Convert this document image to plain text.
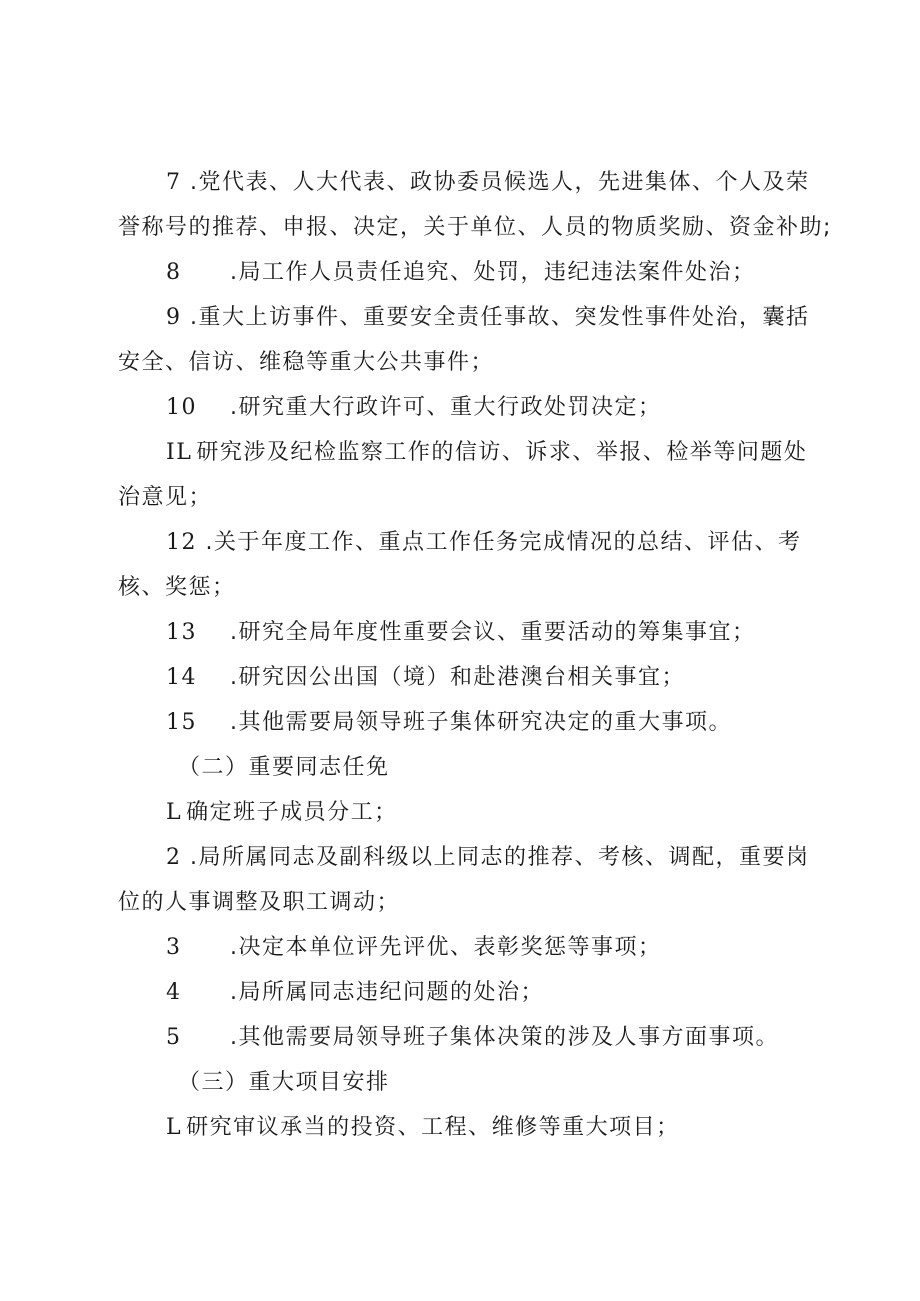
7 .党代表、人大代表、政协委员候选人，先进集体、个人及荣

誉称号的推荐、申报、决定，关于单位、人员的物质奖励、资金补助;

8 .局工作人员责任追究、处罚，违纪违法案件处治；

9 .重大上访事件、重要安全责任事故、突发性事件处治，囊括

安全、信访、维稳等重大公共事件；

10 .研究重大行政许可、重大行政处罚决定；

IL 研究涉及纪检监察工作的信访、诉求、举报、检举等问题处

治意见；

12 .关于年度工作、重点工作任务完成情况的总结、评估、考

核、奖惩；

13 .研究全局年度性重要会议、重要活动的筹集事宜；

14 .研究因公出国（境）和赴港澳台相关事宜；

15 .其他需要局领导班子集体研究决定的重大事项。

（二）重要同志任免

L 确定班子成员分工；

2 .局所属同志及副科级以上同志的推荐、考核、调配，重要岗

位的人事调整及职工调动；

3 .决定本单位评先评优、表彰奖惩等事项；

4 .局所属同志违纪问题的处治；

5 .其他需要局领导班子集体决策的涉及人事方面事项。

（三）重大项目安排

L 研究审议承当的投资、工程、维修等重大项目；
